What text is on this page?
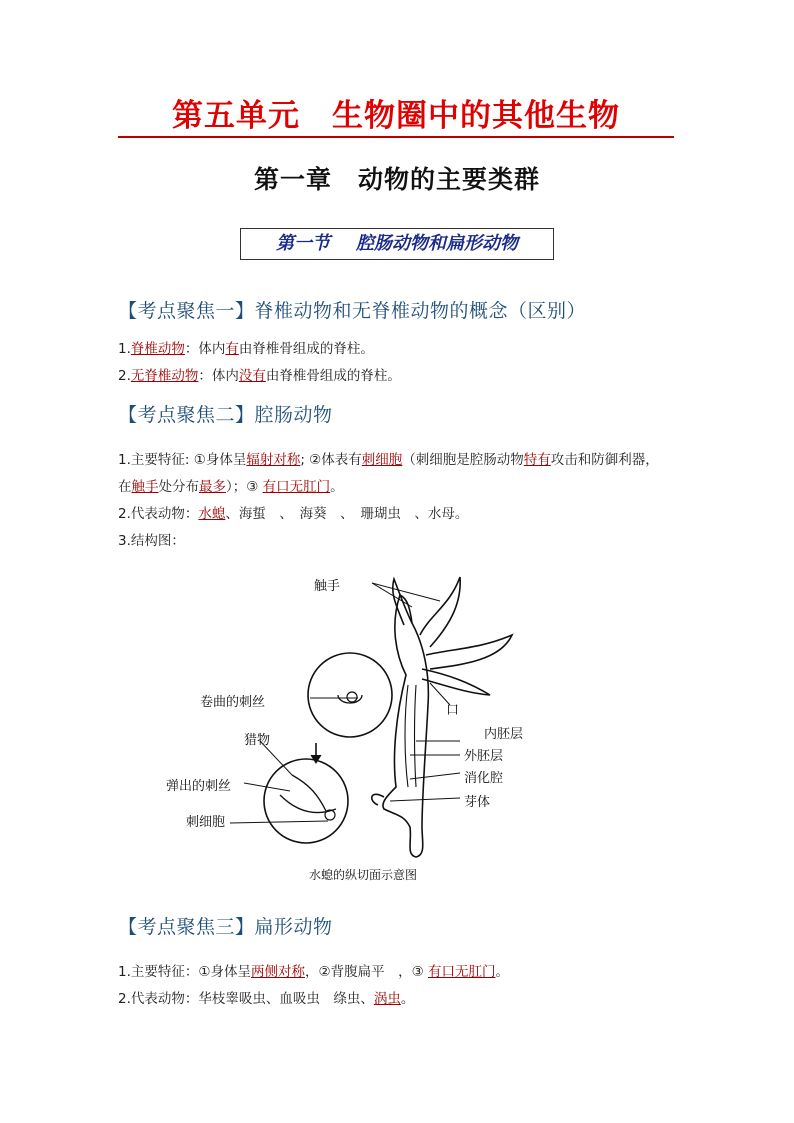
第五单元　生物圈中的其他生物
第一章　动物的主要类群
第一节 腔肠动物和扁形动物
【考点聚焦一】脊椎动物和无脊椎动物的概念（区别）
1.脊椎动物：体内有由脊椎骨组成的脊柱。
2.无脊椎动物：体内没有由脊椎骨组成的脊柱。
【考点聚焦二】腔肠动物
1.主要特征: ①身体呈辐射对称; ②体表有刺细胞（刺细胞是腔肠动物特有攻击和防御利器，
在触手处分布最多）；③ 有口无肛门。
2.代表动物：水螅、海蜇　、　海葵　、　珊瑚虫　、水母。
3.结构图：
触手
卷曲的刺丝
猎物
弹出的刺丝
刺细胞
口
内胚层
外胚层
消化腔
芽体
水螅的纵切面示意图
【考点聚焦三】扁形动物
1.主要特征：①身体呈两侧对称，②背腹扁平　，③ 有口无肛门。
2.代表动物：华枝睾吸虫、血吸虫　绦虫、涡虫。
